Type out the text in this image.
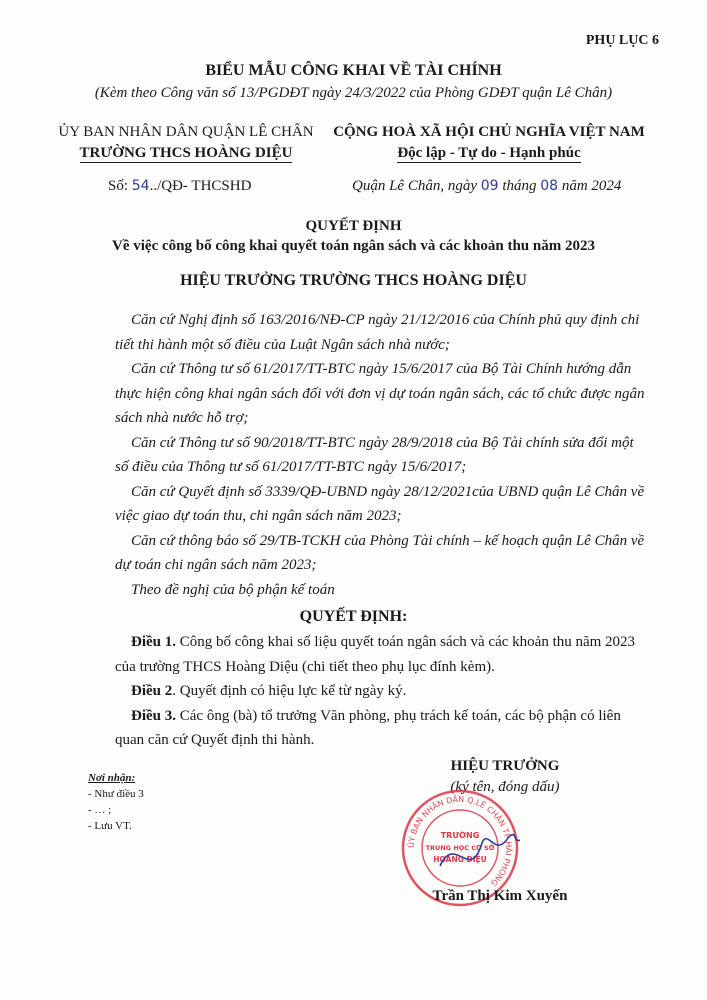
PHỤ LỤC 6
BIỂU MẪU CÔNG KHAI VỀ TÀI CHÍNH
(Kèm theo Công văn số 13/PGDĐT ngày 24/3/2022 của Phòng GDĐT quận Lê Chân)
ỦY BAN NHÂN DÂN QUẬN LÊ CHÂN
TRƯỜNG THCS HOÀNG DIỆU
CỘNG HOÀ XÃ HỘI CHỦ NGHĨA VIỆT NAM
Độc lập - Tự do - Hạnh phúc
Số: 54../QĐ- THCSHD	Quận Lê Chân, ngày 09 tháng 08 năm 2024
QUYẾT ĐỊNH
Về việc công bố công khai quyết toán ngân sách và các khoản thu năm 2023
HIỆU TRƯỞNG TRƯỜNG THCS HOÀNG DIỆU

Căn cứ Nghị định số 163/2016/NĐ-CP ngày 21/12/2016 của Chính phủ quy định chi tiết thi hành một số điều của Luật Ngân sách nhà nước;

Căn cứ Thông tư số 61/2017/TT-BTC ngày 15/6/2017 của Bộ Tài Chính hướng dẫn thực hiện công khai ngân sách đối với đơn vị dự toán ngân sách, các tổ chức được ngân sách nhà nước hỗ trợ;

Căn cứ Thông tư số 90/2018/TT-BTC ngày 28/9/2018 của Bộ Tài chính sửa đổi một số điều của Thông tư số 61/2017/TT-BTC ngày 15/6/2017;

Căn cứ Quyết định số 3339/QĐ-UBND ngày 28/12/2021của UBND quận Lê Chân về việc giao dự toán thu, chi ngân sách năm 2023;

Căn cứ thông báo số 29/TB-TCKH của Phòng Tài chính – kế hoạch quận Lê Chân về dự toán chi ngân sách năm 2023;

Theo đề nghị của bộ phận kế toán

QUYẾT ĐỊNH:

Điều 1. Công bố công khai số liệu quyết toán ngân sách và các khoản thu năm 2023 của trường THCS Hoàng Diệu (chi tiết theo phụ lục đính kèm).

Điều 2. Quyết định có hiệu lực kể từ ngày ký.

Điều 3. Các ông (bà) tổ trưởng Văn phòng, phụ trách kế toán, các bộ phận có liên quan căn cứ Quyết định thi hành.

Nơi nhận:
- Như điều 3
- … ;
- Lưu VT.
HIỆU TRƯỞNG
(ký tên, đóng dấu)
ỦY BAN NHÂN DÂN Q.LÊ CHÂN TP HẢI PHÒNG
TRƯỜNG
TRUNG HỌC CƠ SỞ
HOÀNG DIỆU
Trần Thị Kim Xuyến
